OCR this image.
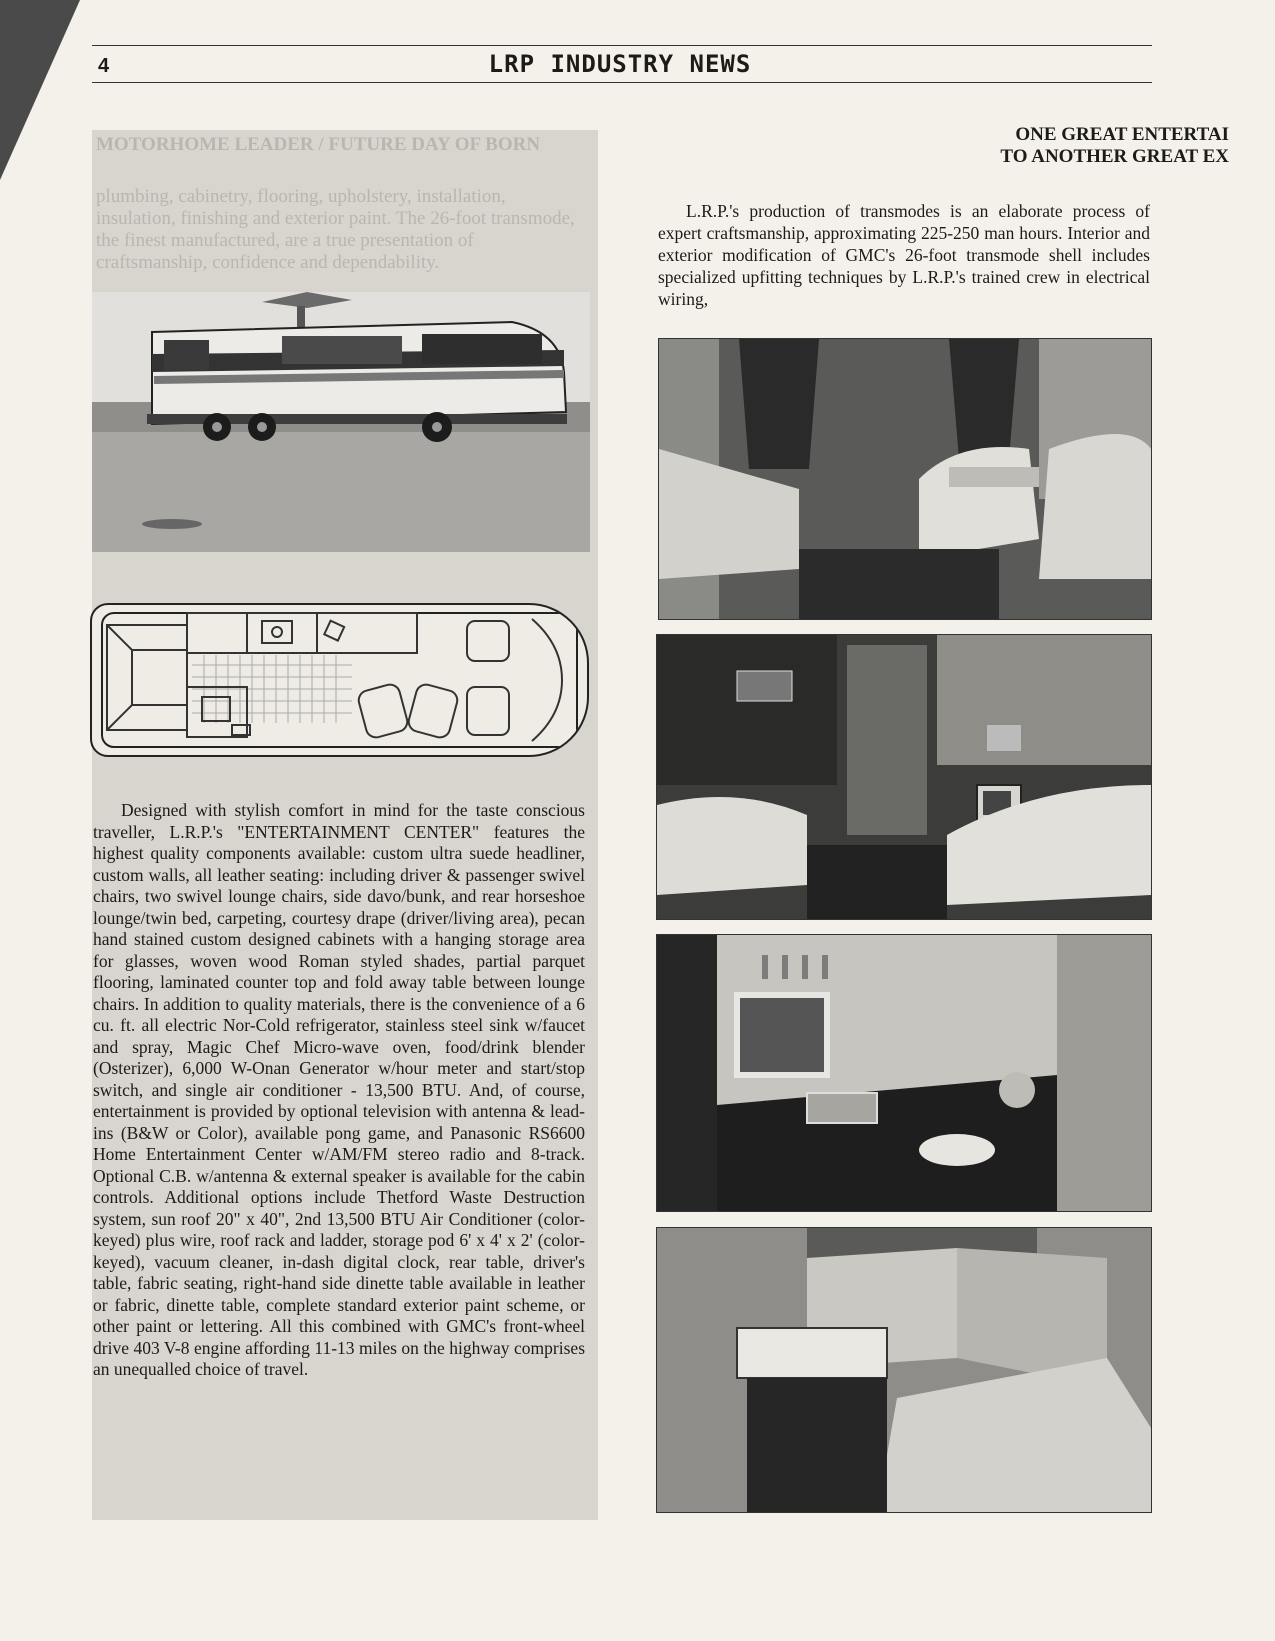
4	LRP INDUSTRY NEWS
MOTORHOME LEADER / FUTURE DAY OF BORN
plumbing, cabinetry, flooring, upholstery, installation, insulation, finishing and exterior paint. The 26-foot transmode, the finest manufactured, are a true presentation of craftsmanship, confidence and dependability.

Designed with stylish comfort in mind for the taste conscious traveller, L.R.P.'s "ENTERTAINMENT CENTER" features the highest quality components available: custom ultra suede headliner, custom walls, all leather seating: including driver & passenger swivel chairs, two swivel lounge chairs, side davo/bunk, and rear horseshoe lounge/twin bed, carpeting, courtesy drape (driver/living area), pecan hand stained custom designed cabinets with a hanging storage area for glasses, woven wood Roman styled shades, partial parquet flooring, laminated counter top and fold away table between lounge chairs. In addition to quality materials, there is the convenience of a 6 cu. ft. all electric Nor-Cold refrigerator, stainless steel sink w/faucet and spray, Magic Chef Micro-wave oven, food/drink blender (Osterizer), 6,000 W-Onan Generator w/hour meter and start/stop switch, and single air conditioner - 13,500 BTU. And, of course, entertainment is provided by optional television with antenna & lead-ins (B&W or Color), available pong game, and Panasonic RS6600 Home Entertainment Center w/AM/FM stereo radio and 8-track. Optional C.B. w/antenna & external speaker is available for the cabin controls. Additional options include Thetford Waste Destruction system, sun roof 20" x 40", 2nd 13,500 BTU Air Conditioner (color-keyed) plus wire, roof rack and ladder, storage pod 6' x 4' x 2' (color-keyed), vacuum cleaner, in-dash digital clock, rear table, driver's table, fabric seating, right-hand side dinette table available in leather or fabric, dinette table, complete standard exterior paint scheme, or other paint or lettering. All this combined with GMC's front-wheel drive 403 V-8 engine affording 11-13 miles on the highway comprises an unequalled choice of travel.

ONE GREAT ENTERTAI
TO ANOTHER GREAT EX

L.R.P.'s production of transmodes is an elaborate process of expert craftsmanship, approximating 225-250 man hours. Interior and exterior modification of GMC's 26-foot transmode shell includes specialized upfitting techniques by L.R.P.'s trained crew in electrical wiring,
